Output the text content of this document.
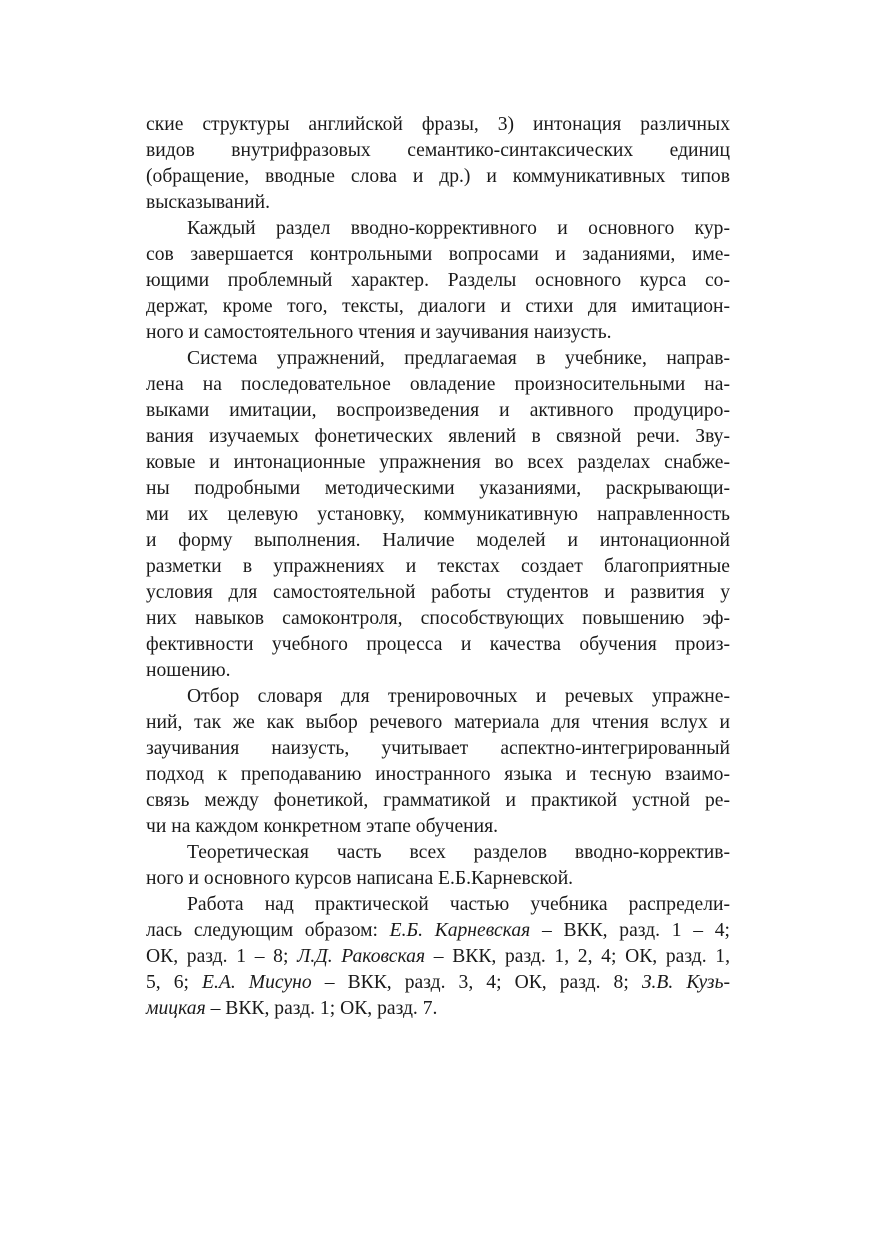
ские структуры английской фразы, 3) интонация различных
видов внутрифразовых семантико-синтаксических единиц
(обращение, вводные слова и др.) и коммуникативных типов
высказываний.

Каждый раздел вводно-коррективного и основного кур-
сов завершается контрольными вопросами и заданиями, име-
ющими проблемный характер. Разделы основного курса со-
держат, кроме того, тексты, диалоги и стихи для имитацион-
ного и самостоятельного чтения и заучивания наизусть.

Система упражнений, предлагаемая в учебнике, направ-
лена на последовательное овладение произносительными на-
выками имитации, воспроизведения и активного продуциро-
вания изучаемых фонетических явлений в связной речи. Зву-
ковые и интонационные упражнения во всех разделах снабже-
ны подробными методическими указаниями, раскрывающи-
ми их целевую установку, коммуникативную направленность
и форму выполнения. Наличие моделей и интонационной
разметки в упражнениях и текстах создает благоприятные
условия для самостоятельной работы студентов и развития у
них навыков самоконтроля, способствующих повышению эф-
фективности учебного процесса и качества обучения произ-
ношению.

Отбор словаря для тренировочных и речевых упражне-
ний, так же как выбор речевого материала для чтения вслух и
заучивания наизусть, учитывает аспектно-интегрированный
подход к преподаванию иностранного языка и тесную взаимо-
связь между фонетикой, грамматикой и практикой устной ре-
чи на каждом конкретном этапе обучения.

Теоретическая часть всех разделов вводно-корректив-
ного и основного курсов написана Е.Б.Карневской.

Работа над практической частью учебника распредели-
лась следующим образом: Е.Б. Карневская – ВКК, разд. 1 – 4;
ОК, разд. 1 – 8; Л.Д. Раковская – ВКК, разд. 1, 2, 4; ОК, разд. 1,
5, 6; Е.А. Мисуно – ВКК, разд. 3, 4; ОК, разд. 8; З.В. Кузь-
мицкая – ВКК, разд. 1; ОК, разд. 7.
